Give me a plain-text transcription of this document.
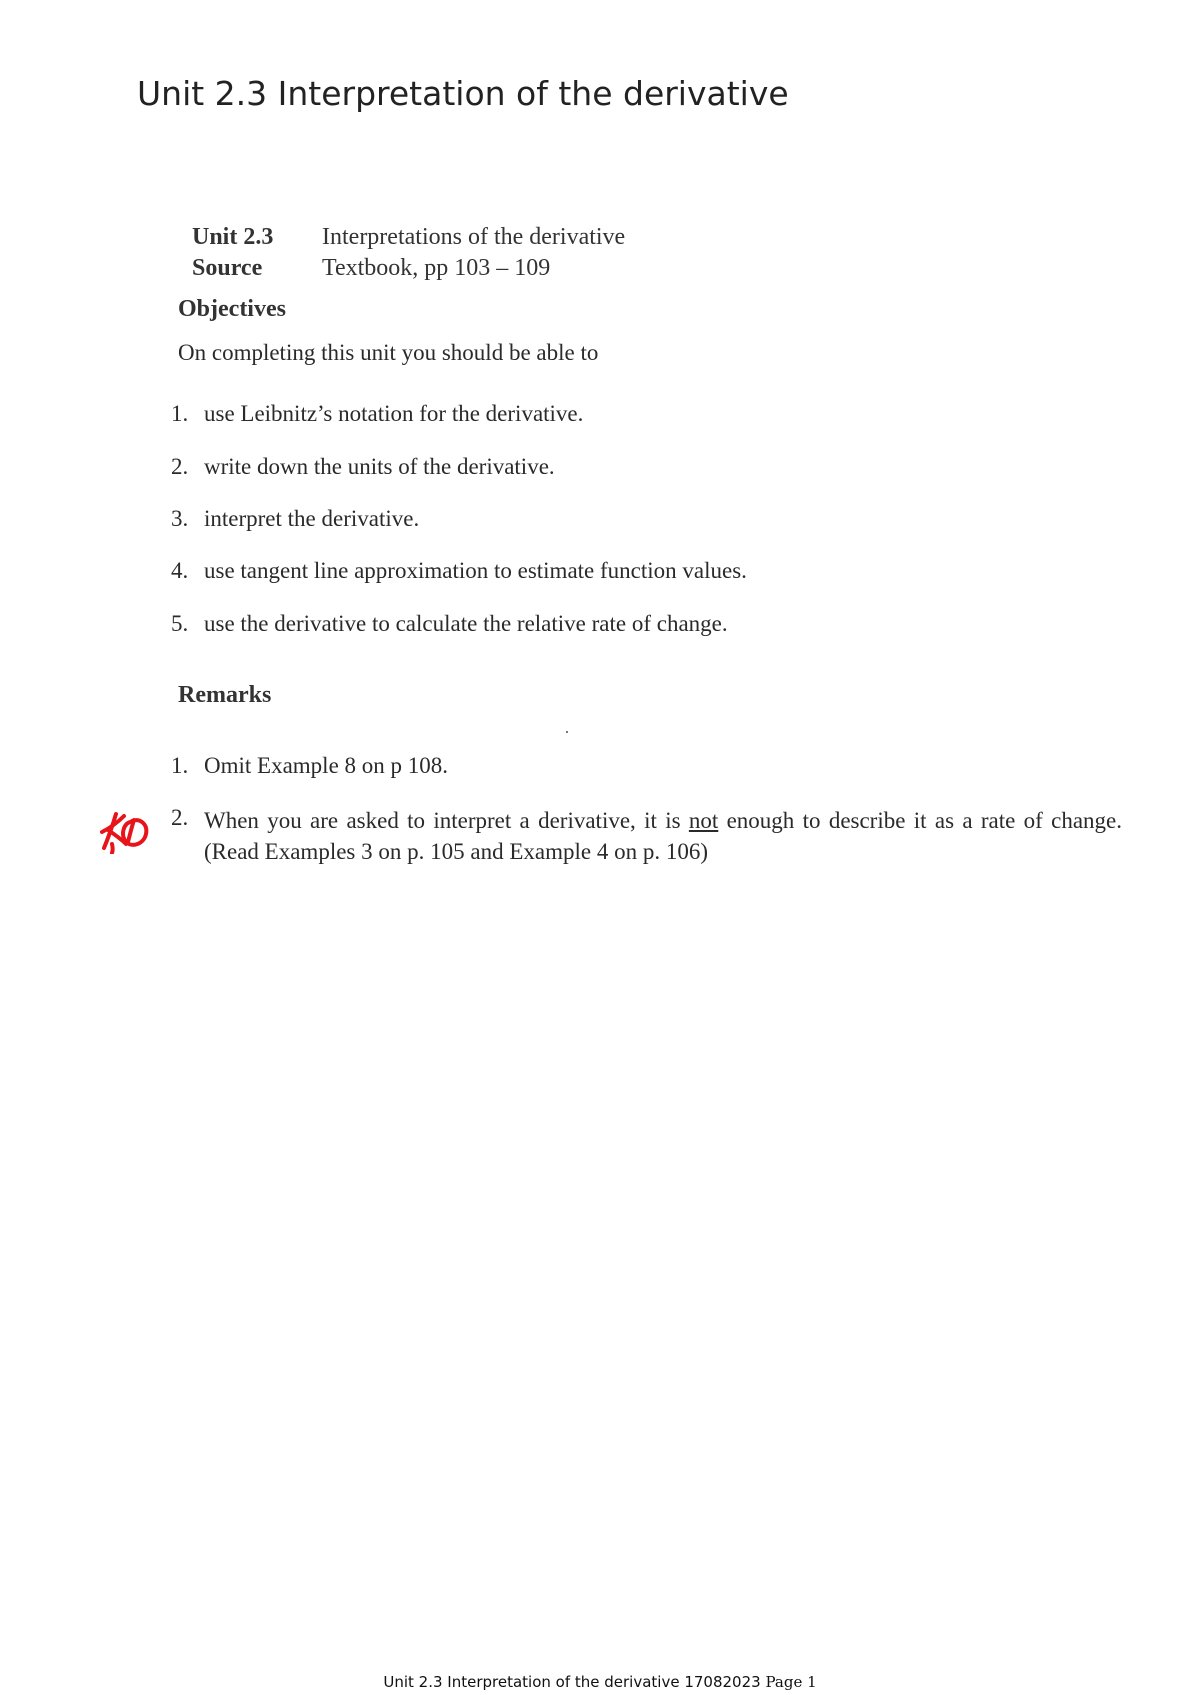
Unit 2.3 Interpretation of the derivative
Unit 2.3 Interpretations of the derivative
Source Textbook, pp 103 – 109
Objectives
On completing this unit you should be able to
1. use Leibnitz’s notation for the derivative.
2. write down the units of the derivative.
3. interpret the derivative.
4. use tangent line approximation to estimate function values.
5. use the derivative to calculate the relative rate of change.
Remarks
1. Omit Example 8 on p 108.
2. When you are asked to interpret a derivative, it is not enough to describe it as a rate of change. (Read Examples 3 on p. 105 and Example 4 on p. 106)
Unit 2.3 Interpretation of the derivative 17082023 Page 1
